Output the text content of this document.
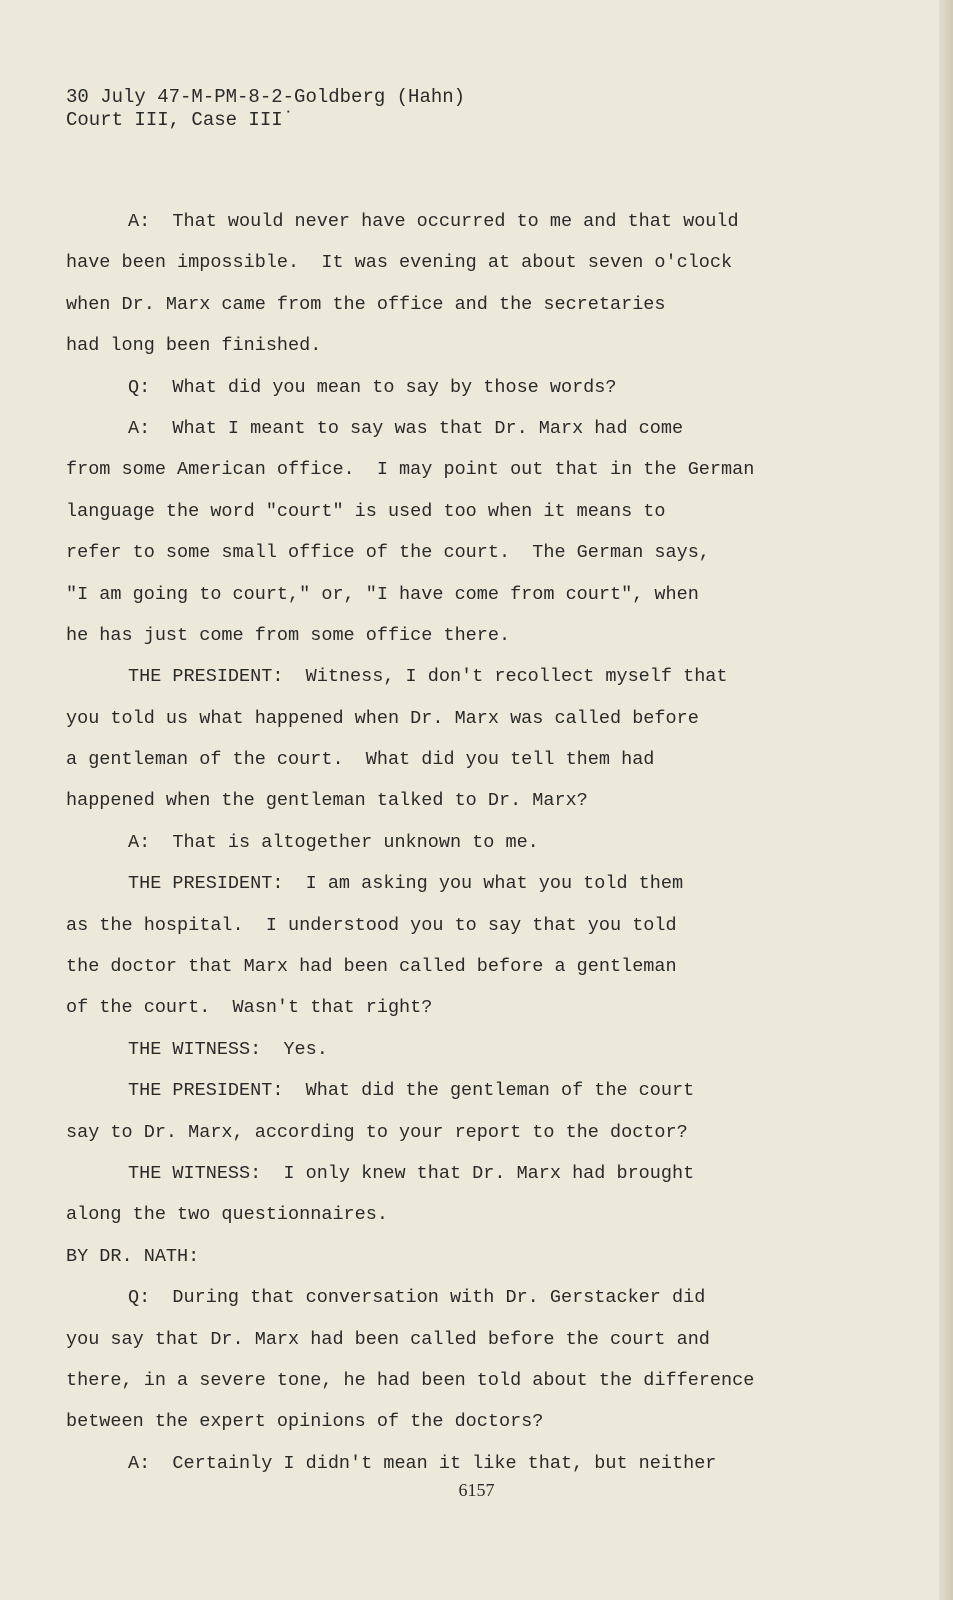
30 July 47-M-PM-8-2-Goldberg (Hahn)
Court III, Case III˙
A:  That would never have occurred to me and that would
have been impossible.  It was evening at about seven o'clock
when Dr. Marx came from the office and the secretaries
had long been finished.
Q:  What did you mean to say by those words?
A:  What I meant to say was that Dr. Marx had come
from some American office.  I may point out that in the German
language the word "court" is used too when it means to
refer to some small office of the court.  The German says,
"I am going to court," or, "I have come from court", when
he has just come from some office there.
THE PRESIDENT:  Witness, I don't recollect myself that
you told us what happened when Dr. Marx was called before
a gentleman of the court.  What did you tell them had
happened when the gentleman talked to Dr. Marx?
A:  That is altogether unknown to me.
THE PRESIDENT:  I am asking you what you told them
as the hospital.  I understood you to say that you told
the doctor that Marx had been called before a gentleman
of the court.  Wasn't that right?
THE WITNESS:  Yes.
THE PRESIDENT:  What did the gentleman of the court
say to Dr. Marx, according to your report to the doctor?
THE WITNESS:  I only knew that Dr. Marx had brought
along the two questionnaires.
BY DR. NATH:
Q:  During that conversation with Dr. Gerstacker did
you say that Dr. Marx had been called before the court and
there, in a severe tone, he had been told about the difference
between the expert opinions of the doctors?
A:  Certainly I didn't mean it like that, but neither
6157
